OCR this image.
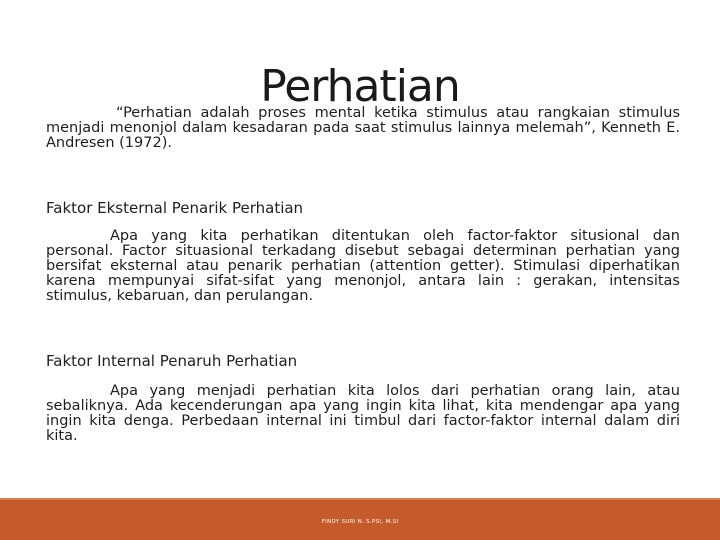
Perhatian

“Perhatian adalah proses mental ketika stimulus atau rangkaian stimulus menjadi menonjol dalam kesadaran pada saat stimulus lainnya melemah”, Kenneth E. Andresen (1972).

Faktor Eksternal Penarik Perhatian

Apa yang kita perhatikan ditentukan oleh factor-faktor situsional dan personal. Factor situasional terkadang disebut sebagai determinan perhatian yang bersifat eksternal atau penarik perhatian (attention getter). Stimulasi diperhatikan karena mempunyai sifat-sifat yang menonjol, antara lain : gerakan, intensitas stimulus, kebaruan, dan perulangan.

Faktor Internal Penaruh Perhatian

Apa yang menjadi perhatian kita lolos dari perhatian orang lain, atau sebaliknya. Ada kecenderungan apa yang ingin kita lihat, kita mendengar apa yang ingin kita denga. Perbedaan internal ini timbul dari factor-faktor internal dalam diri kita.

FINDY SURI N. S.PSI, M.SI
